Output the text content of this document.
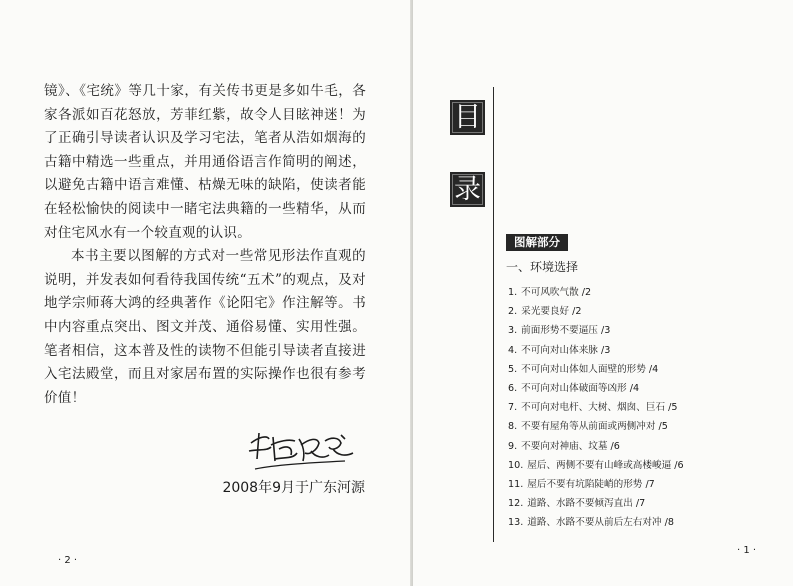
镜》、《宅统》等几十家，有关传书更是多如牛毛，各家各派如百花怒放，芳菲红紫，故令人目眩神迷！为了正确引导读者认识及学习宅法，笔者从浩如烟海的古籍中精选一些重点，并用通俗语言作简明的阐述，以避免古籍中语言难懂、枯燥无味的缺陷，使读者能在轻松愉快的阅读中一睹宅法典籍的一些精华，从而对住宅风水有一个较直观的认识。

本书主要以图解的方式对一些常见形法作直观的说明，并发表如何看待我国传统“五术”的观点，及对地学宗师蒋大鸿的经典著作《论阳宅》作注解等。书中内容重点突出、图文并茂、通俗易懂、实用性强。笔者相信，这本普及性的读物不但能引导读者直接进入宅法殿堂，而且对家居布置的实际操作也很有参考价值！

2008年9月于广东河源
· 2 ·
目
录
图解部分
一、环境选择
1. 不可风吹气散 /2
2. 采光要良好 /2
3. 前面形势不要逼压 /3
4. 不可向对山体来脉 /3
5. 不可向对山体如人面壁的形势 /4
6. 不可向对山体破面等凶形 /4
7. 不可向对电杆、大树、烟囱、巨石 /5
8. 不要有屋角等从前面或两侧冲对 /5
9. 不要向对神庙、坟墓 /6
10. 屋后、两侧不要有山峰或高楼峻逼 /6
11. 屋后不要有坑陷陡峭的形势 /7
12. 道路、水路不要倾泻直出 /7
13. 道路、水路不要从前后左右对冲 /8
· 1 ·
